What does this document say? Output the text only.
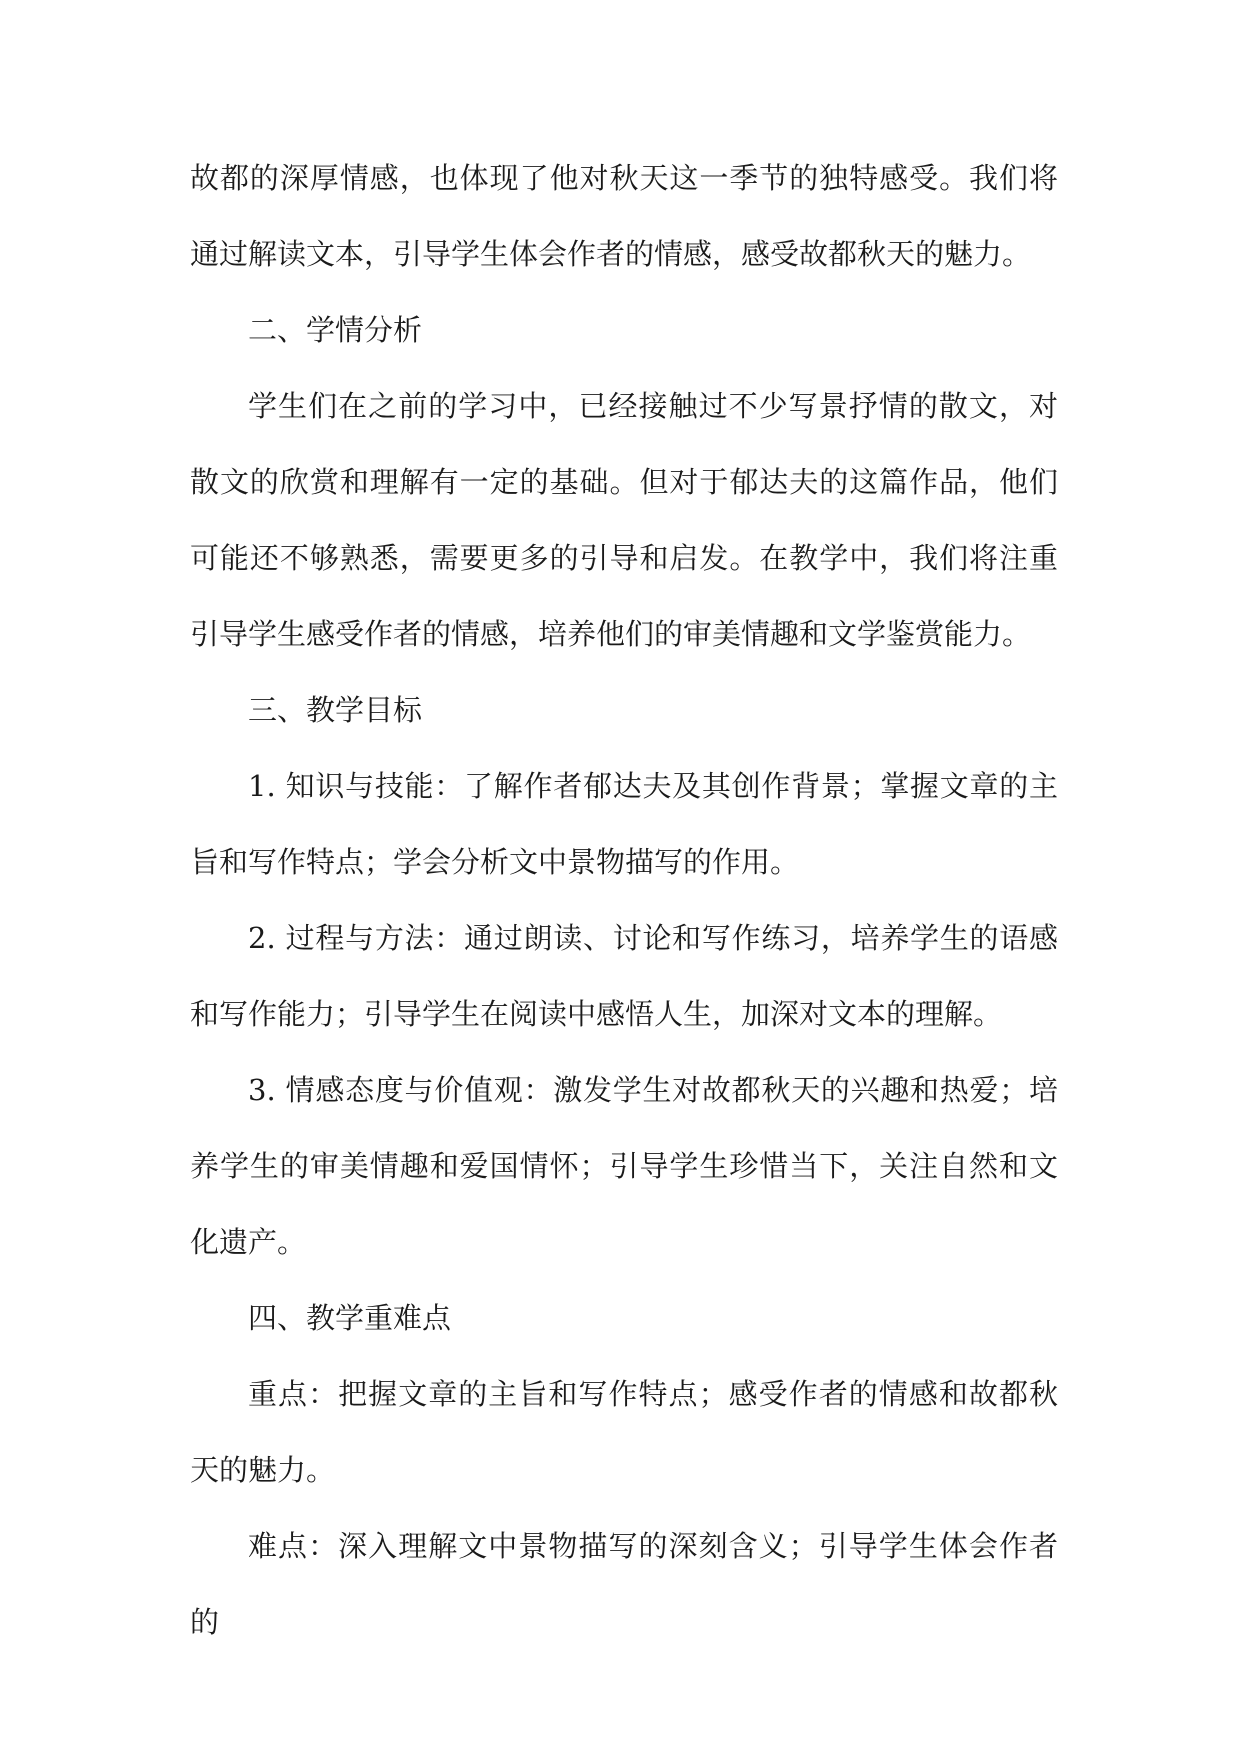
故都的深厚情感，也体现了他对秋天这一季节的独特感受。我们将通过解读文本，引导学生体会作者的情感，感受故都秋天的魅力。

二、学情分析

学生们在之前的学习中，已经接触过不少写景抒情的散文，对散文的欣赏和理解有一定的基础。但对于郁达夫的这篇作品，他们可能还不够熟悉，需要更多的引导和启发。在教学中，我们将注重引导学生感受作者的情感，培养他们的审美情趣和文学鉴赏能力。

三、教学目标

1. 知识与技能：了解作者郁达夫及其创作背景；掌握文章的主旨和写作特点；学会分析文中景物描写的作用。

2. 过程与方法：通过朗读、讨论和写作练习，培养学生的语感和写作能力；引导学生在阅读中感悟人生，加深对文本的理解。

3. 情感态度与价值观：激发学生对故都秋天的兴趣和热爱；培养学生的审美情趣和爱国情怀；引导学生珍惜当下，关注自然和文化遗产。

四、教学重难点

重点：把握文章的主旨和写作特点；感受作者的情感和故都秋天的魅力。

难点：深入理解文中景物描写的深刻含义；引导学生体会作者的
